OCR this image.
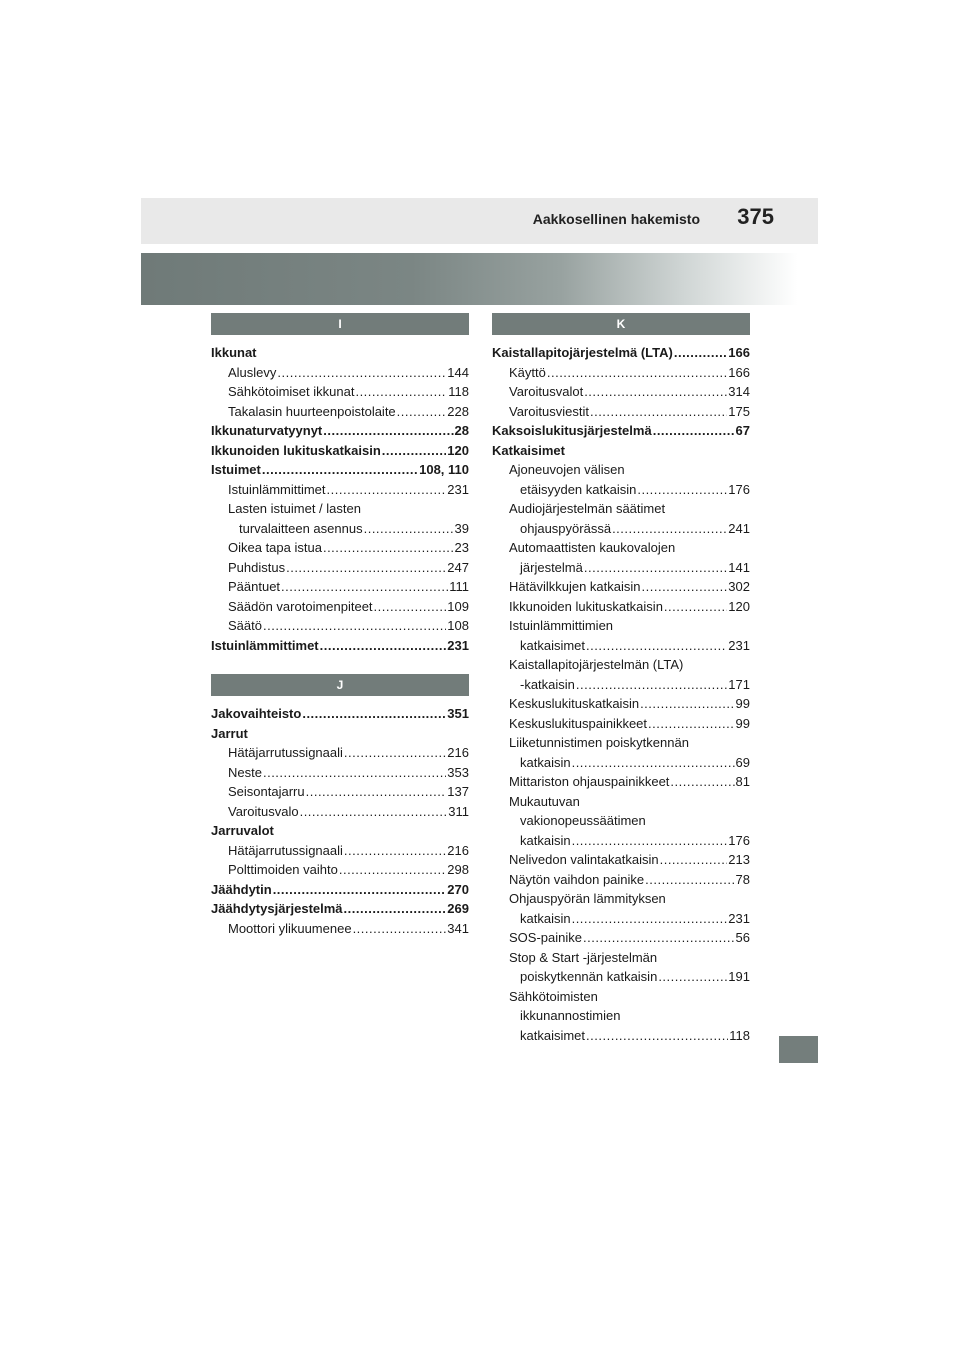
Aakkosellinen hakemisto 375
I
Ikkunat
Aluslevy .....	144
Sähkötoimiset ikkunat .....	118
Takalasin huurteenpoistolaite .....	228
Ikkunaturvatyynyt .....	28
Ikkunoiden lukituskatkaisin .....	120
Istuimet .....	108, 110
Istuinlämmittimet .....	231
Lasten istuimet / lasten
turvalaitteen asennus .....	39
Oikea tapa istua .....	23
Puhdistus .....	247
Pääntuet .....	111
Säädön varotoimenpiteet .....	109
Säätö .....	108
Istuinlämmittimet .....	231
J
Jakovaihteisto .....	351
Jarrut
Hätäjarrutussignaali .....	216
Neste .....	353
Seisontajarru .....	137
Varoitusvalo .....	311
Jarruvalot
Hätäjarrutussignaali .....	216
Polttimoiden vaihto .....	298
Jäähdytin .....	270
Jäähdytysjärjestelmä .....	269
Moottori ylikuumenee .....	341
K
Kaistallapitojärjestelmä (LTA) .....	166
Käyttö .....	166
Varoitusvalot .....	314
Varoitusviestit .....	175
Kaksoislukitusjärjestelmä .....	67
Katkaisimet
Ajoneuvojen välisen
etäisyyden katkaisin .....	176
Audiojärjestelmän säätimet
ohjauspyörässä .....	241
Automaattisten kaukovalojen
järjestelmä .....	141
Hätävilkkujen katkaisin .....	302
Ikkunoiden lukituskatkaisin .....	120
Istuinlämmittimien
katkaisimet .....	231
Kaistallapitojärjestelmän (LTA)
-katkaisin .....	171
Keskuslukituskatkaisin .....	99
Keskuslukituspainikkeet .....	99
Liiketunnistimen poiskytkennän
katkaisin .....	69
Mittariston ohjauspainikkeet .....	81
Mukautuvan
vakionopeussäätimen
katkaisin .....	176
Nelivedon valintakatkaisin .....	213
Näytön vaihdon painike .....	78
Ohjauspyörän lämmityksen
katkaisin .....	231
SOS-painike .....	56
Stop & Start -järjestelmän
poiskytkennän katkaisin .....	191
Sähkötoimisten
ikkunannostimien
katkaisimet .....	118
